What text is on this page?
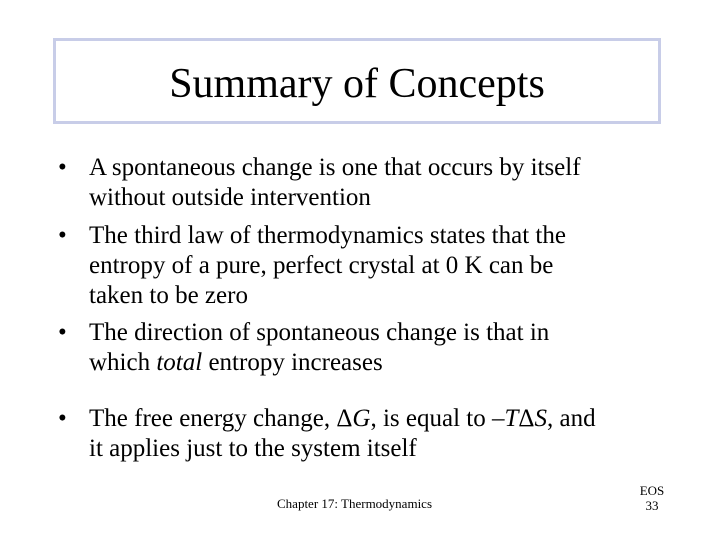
Summary of Concepts
• A spontaneous change is one that occurs by itself
without outside intervention
• The third law of thermodynamics states that the
entropy of a pure, perfect crystal at 0 K can be
taken to be zero
• The direction of spontaneous change is that in
which total entropy increases
• The free energy change, ΔG, is equal to –TΔS, and
it applies just to the system itself
Chapter 17: Thermodynamics
EOS
33
